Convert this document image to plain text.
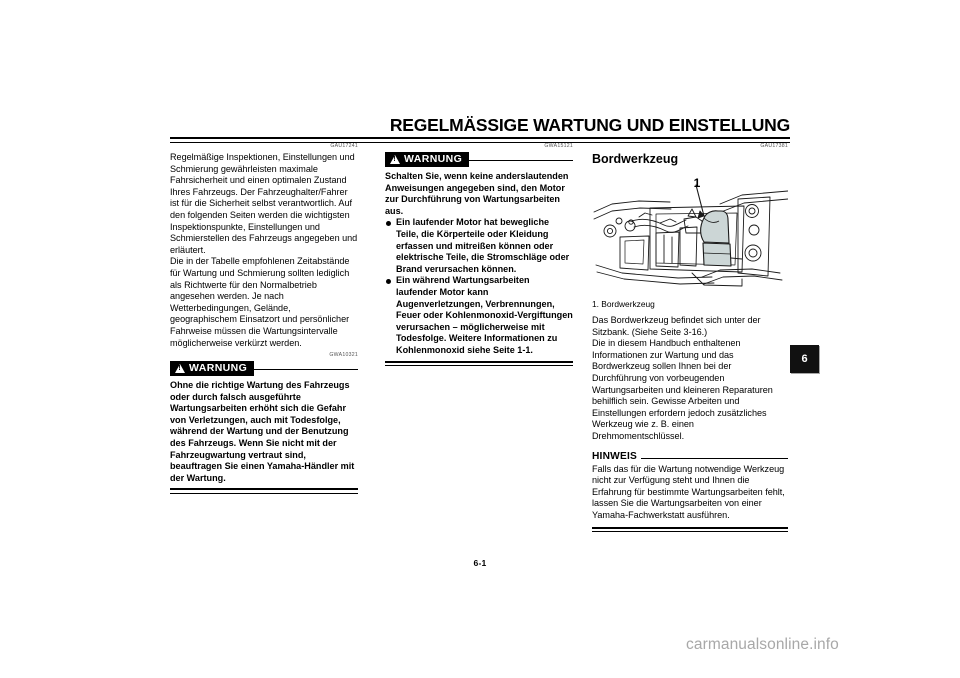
REGELMÄSSIGE WARTUNG UND EINSTELLUNG
GAU17241

Regelmäßige Inspektionen, Einstellungen und Schmierung gewährleisten maximale Fahrsicherheit und einen optimalen Zustand Ihres Fahrzeugs. Der Fahrzeughalter/Fahrer ist für die Sicherheit selbst verantwortlich. Auf den folgenden Seiten werden die wichtigsten Inspektionspunkte, Einstellungen und Schmierstellen des Fahrzeugs angegeben und erläutert.

Die in der Tabelle empfohlenen Zeitabstände für Wartung und Schmierung sollten lediglich als Richtwerte für den Normalbetrieb angesehen werden. Je nach Wetterbedingungen, Gelände, geographischem Einsatzort und persönlicher Fahrweise müssen die Wartungsintervalle möglicherweise verkürzt werden.

GWA10321
!
WARNUNG

Ohne die richtige Wartung des Fahrzeugs oder durch falsch ausgeführte Wartungsarbeiten erhöht sich die Gefahr von Verletzungen, auch mit Todesfolge, während der Wartung und der Benutzung des Fahrzeugs. Wenn Sie nicht mit der Fahrzeugwartung vertraut sind, beauftragen Sie einen Yamaha-Händler mit der Wartung.

GWA15121
!
WARNUNG

Schalten Sie, wenn keine anderslautenden Anweisungen angegeben sind, den Motor zur Durchführung von Wartungsarbeiten aus.

Ein laufender Motor hat bewegliche Teile, die Körperteile oder Kleidung erfassen und mitreißen können oder elektrische Teile, die Stromschläge oder Brand verursachen können.
Ein während Wartungsarbeiten laufender Motor kann Augenverletzungen, Verbrennungen, Feuer oder Kohlenmonoxid-Vergiftungen verursachen – möglicherweise mit Todesfolge. Weitere Informationen zu Kohlenmonoxid siehe Seite 1-1.
GAU17381
Bordwerkzeug
1
1. Bordwerkzeug

Das Bordwerkzeug befindet sich unter der Sitzbank. (Siehe Seite 3-16.)

Die in diesem Handbuch enthaltenen Informationen zur Wartung und das Bordwerkzeug sollen Ihnen bei der Durchführung von vorbeugenden Wartungsarbeiten und kleineren Reparaturen behilflich sein. Gewisse Arbeiten und Einstellungen erfordern jedoch zusätzliches Werkzeug wie z. B. einen Drehmomentschlüssel.

HINWEIS

Falls das für die Wartung notwendige Werkzeug nicht zur Verfügung steht und Ihnen die Erfahrung für bestimmte Wartungsarbeiten fehlt, lassen Sie die Wartungsarbeiten von einer Yamaha-Fachwerkstatt ausführen.

6
6-1
carmanualsonline.info
